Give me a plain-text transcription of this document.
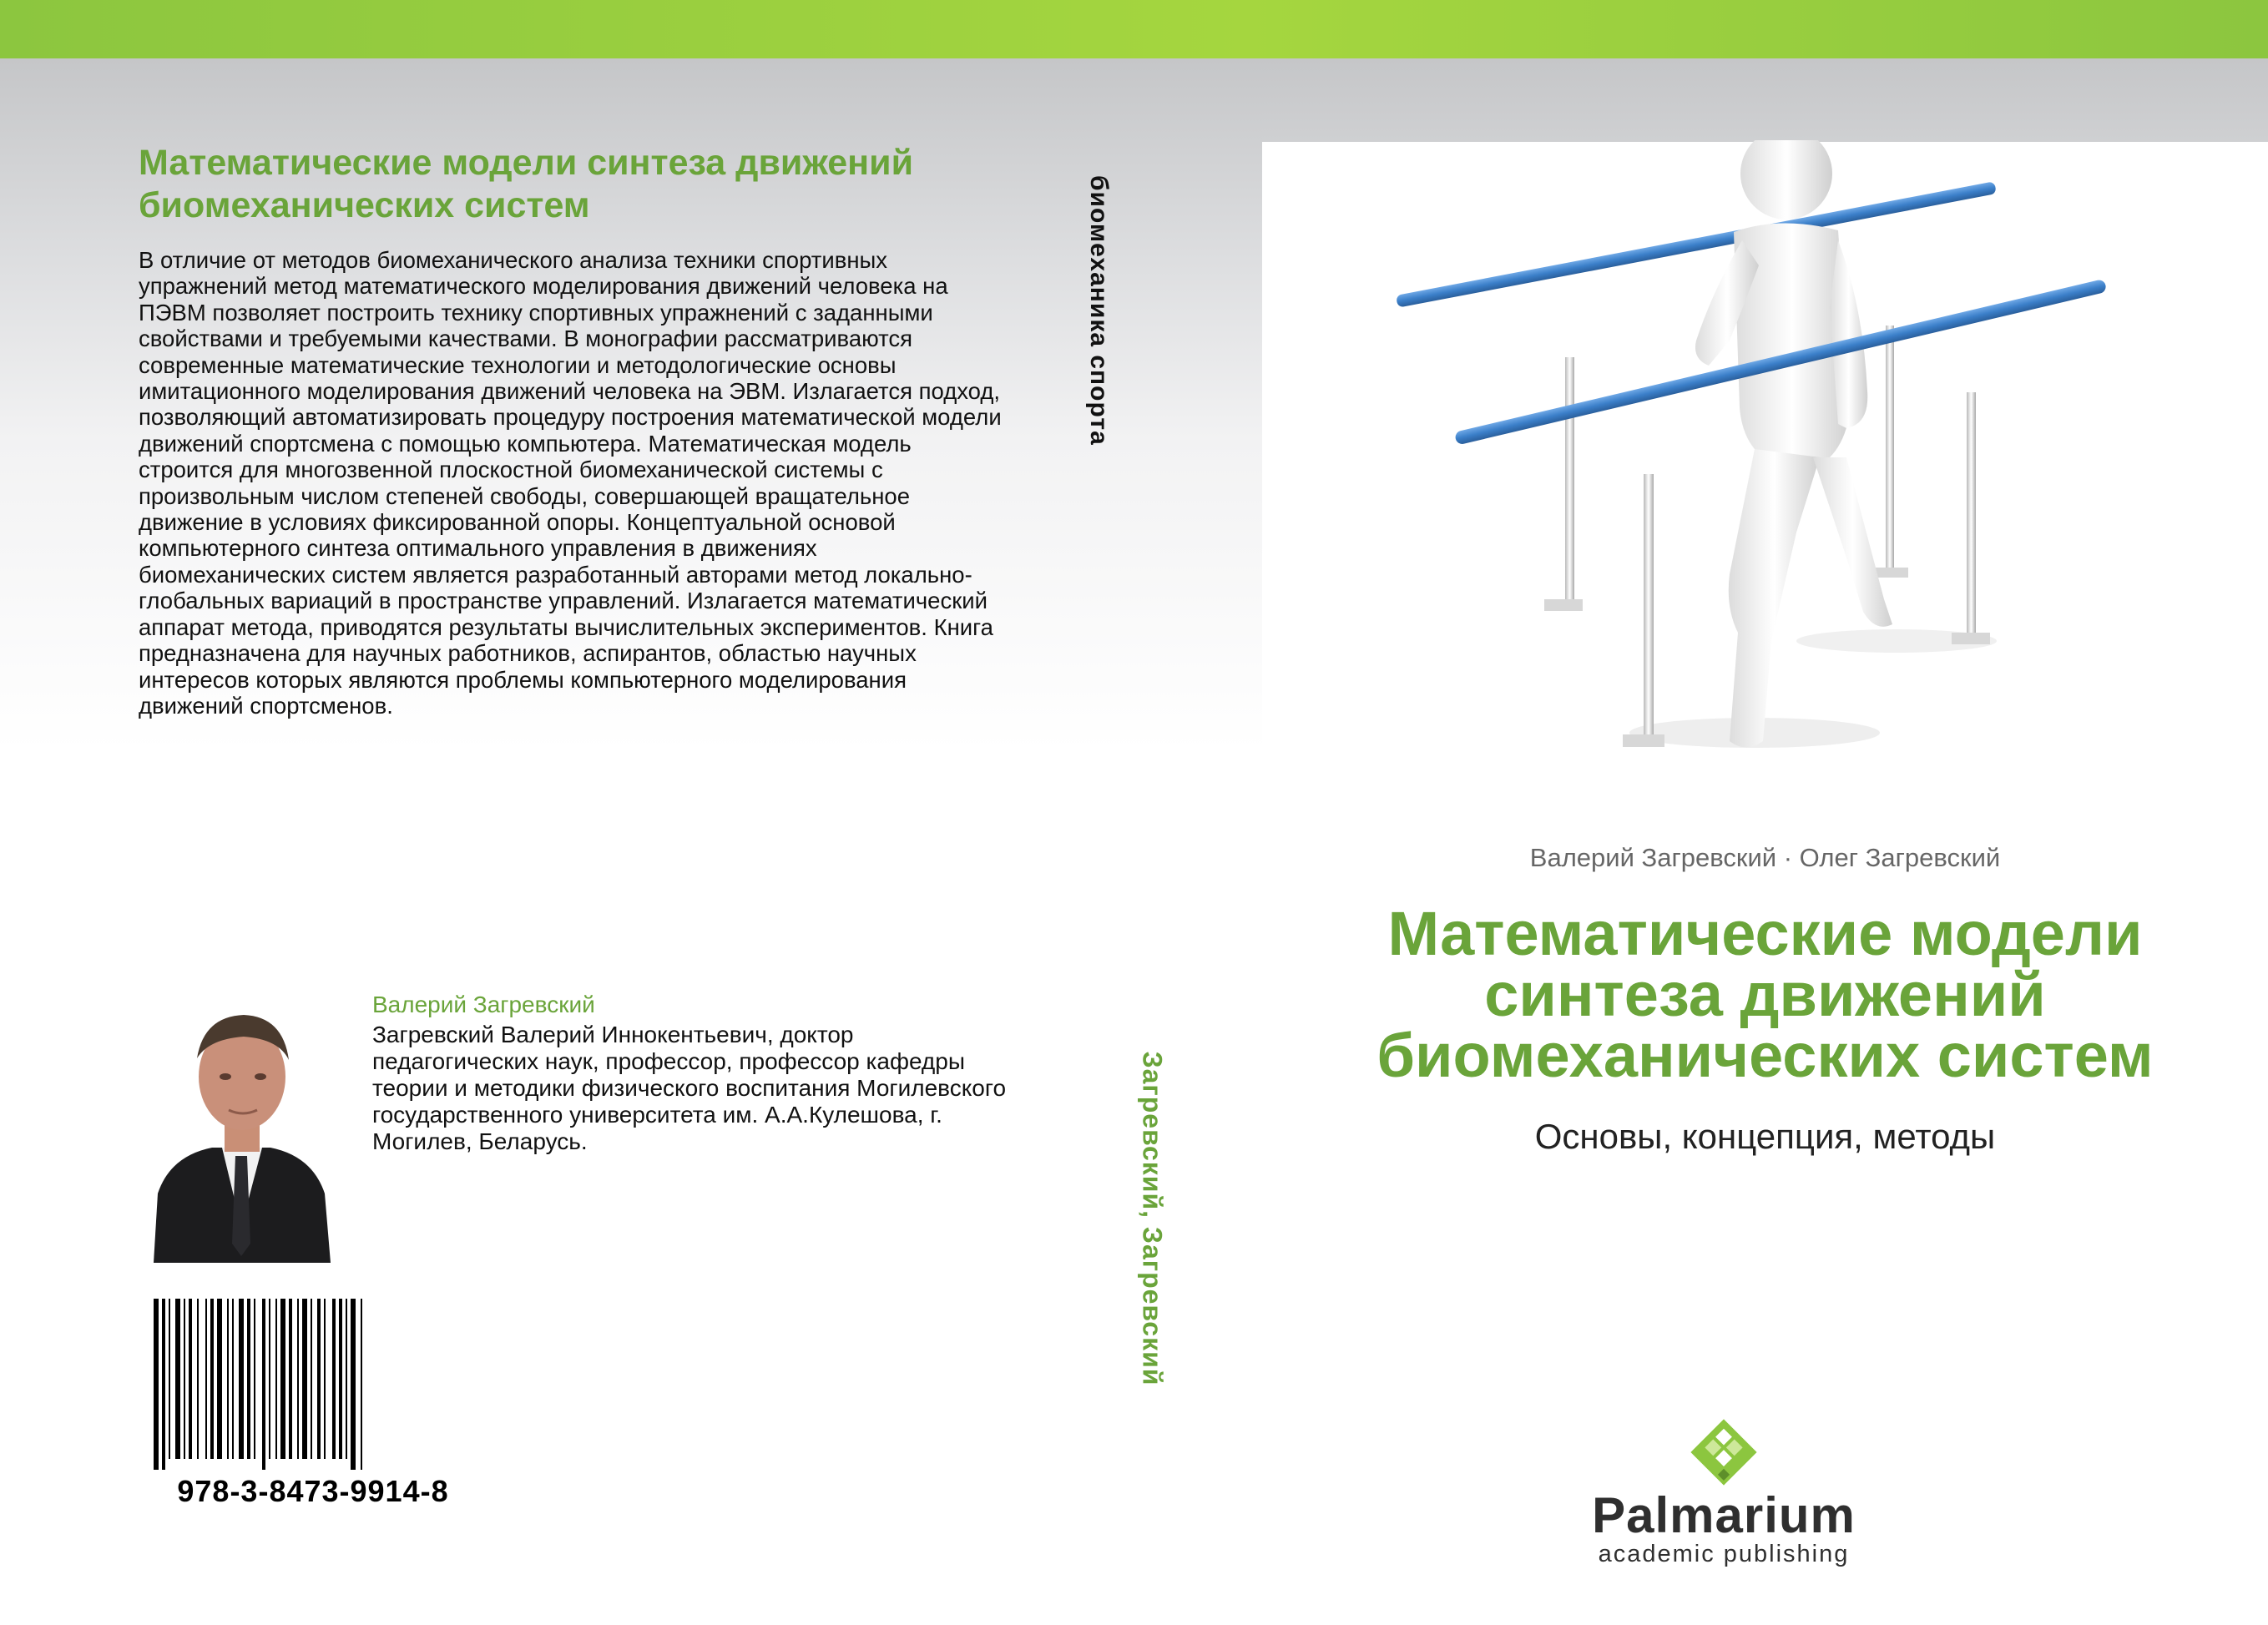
Математические модели синтеза движений биомеханических систем

В отличие от методов биомеханического анализа техники спортивных упражнений метод математического моделирования движений человека на ПЭВМ позволяет построить технику спортивных упражнений с заданными свойствами и требуемыми качествами. В монографии рассматриваются современные математические технологии и методологические основы имитационного моделирования движений человека на ЭВМ. Излагается подход, позволяющий автоматизировать процедуру построения математической модели движений спортсмена с помощью компьютера. Математическая модель строится для многозвенной плоскостной биомеханической системы с произвольным числом степеней свободы, совершающей вращательное движение в условиях фиксированной опоры. Концептуальной основой компьютерного синтеза оптимального управления в движениях биомеханических систем является разработанный авторами метод локально-глобальных вариаций в пространстве управлений. Излагается математический аппарат метода, приводятся результаты вычислительных экспериментов. Книга предназначена для научных работников, аспирантов, областью научных интересов которых являются проблемы компьютерного моделирования движений спортсменов.

Валерий Загревский

Загревский Валерий Иннокентьевич, доктор педагогических наук, профессор, профессор кафедры теории и методики физического воспитания Могилевского государственного университета им. А.А.Кулешова, г. Могилев, Беларусь.

978-3-8473-9914-8
биомеханика спорта
Загревский, Загревский
Валерий Загревский · Олег Загревский
Математические модели синтеза движений биомеханических систем
Основы, концепция, методы
Palmarium
academic publishing
